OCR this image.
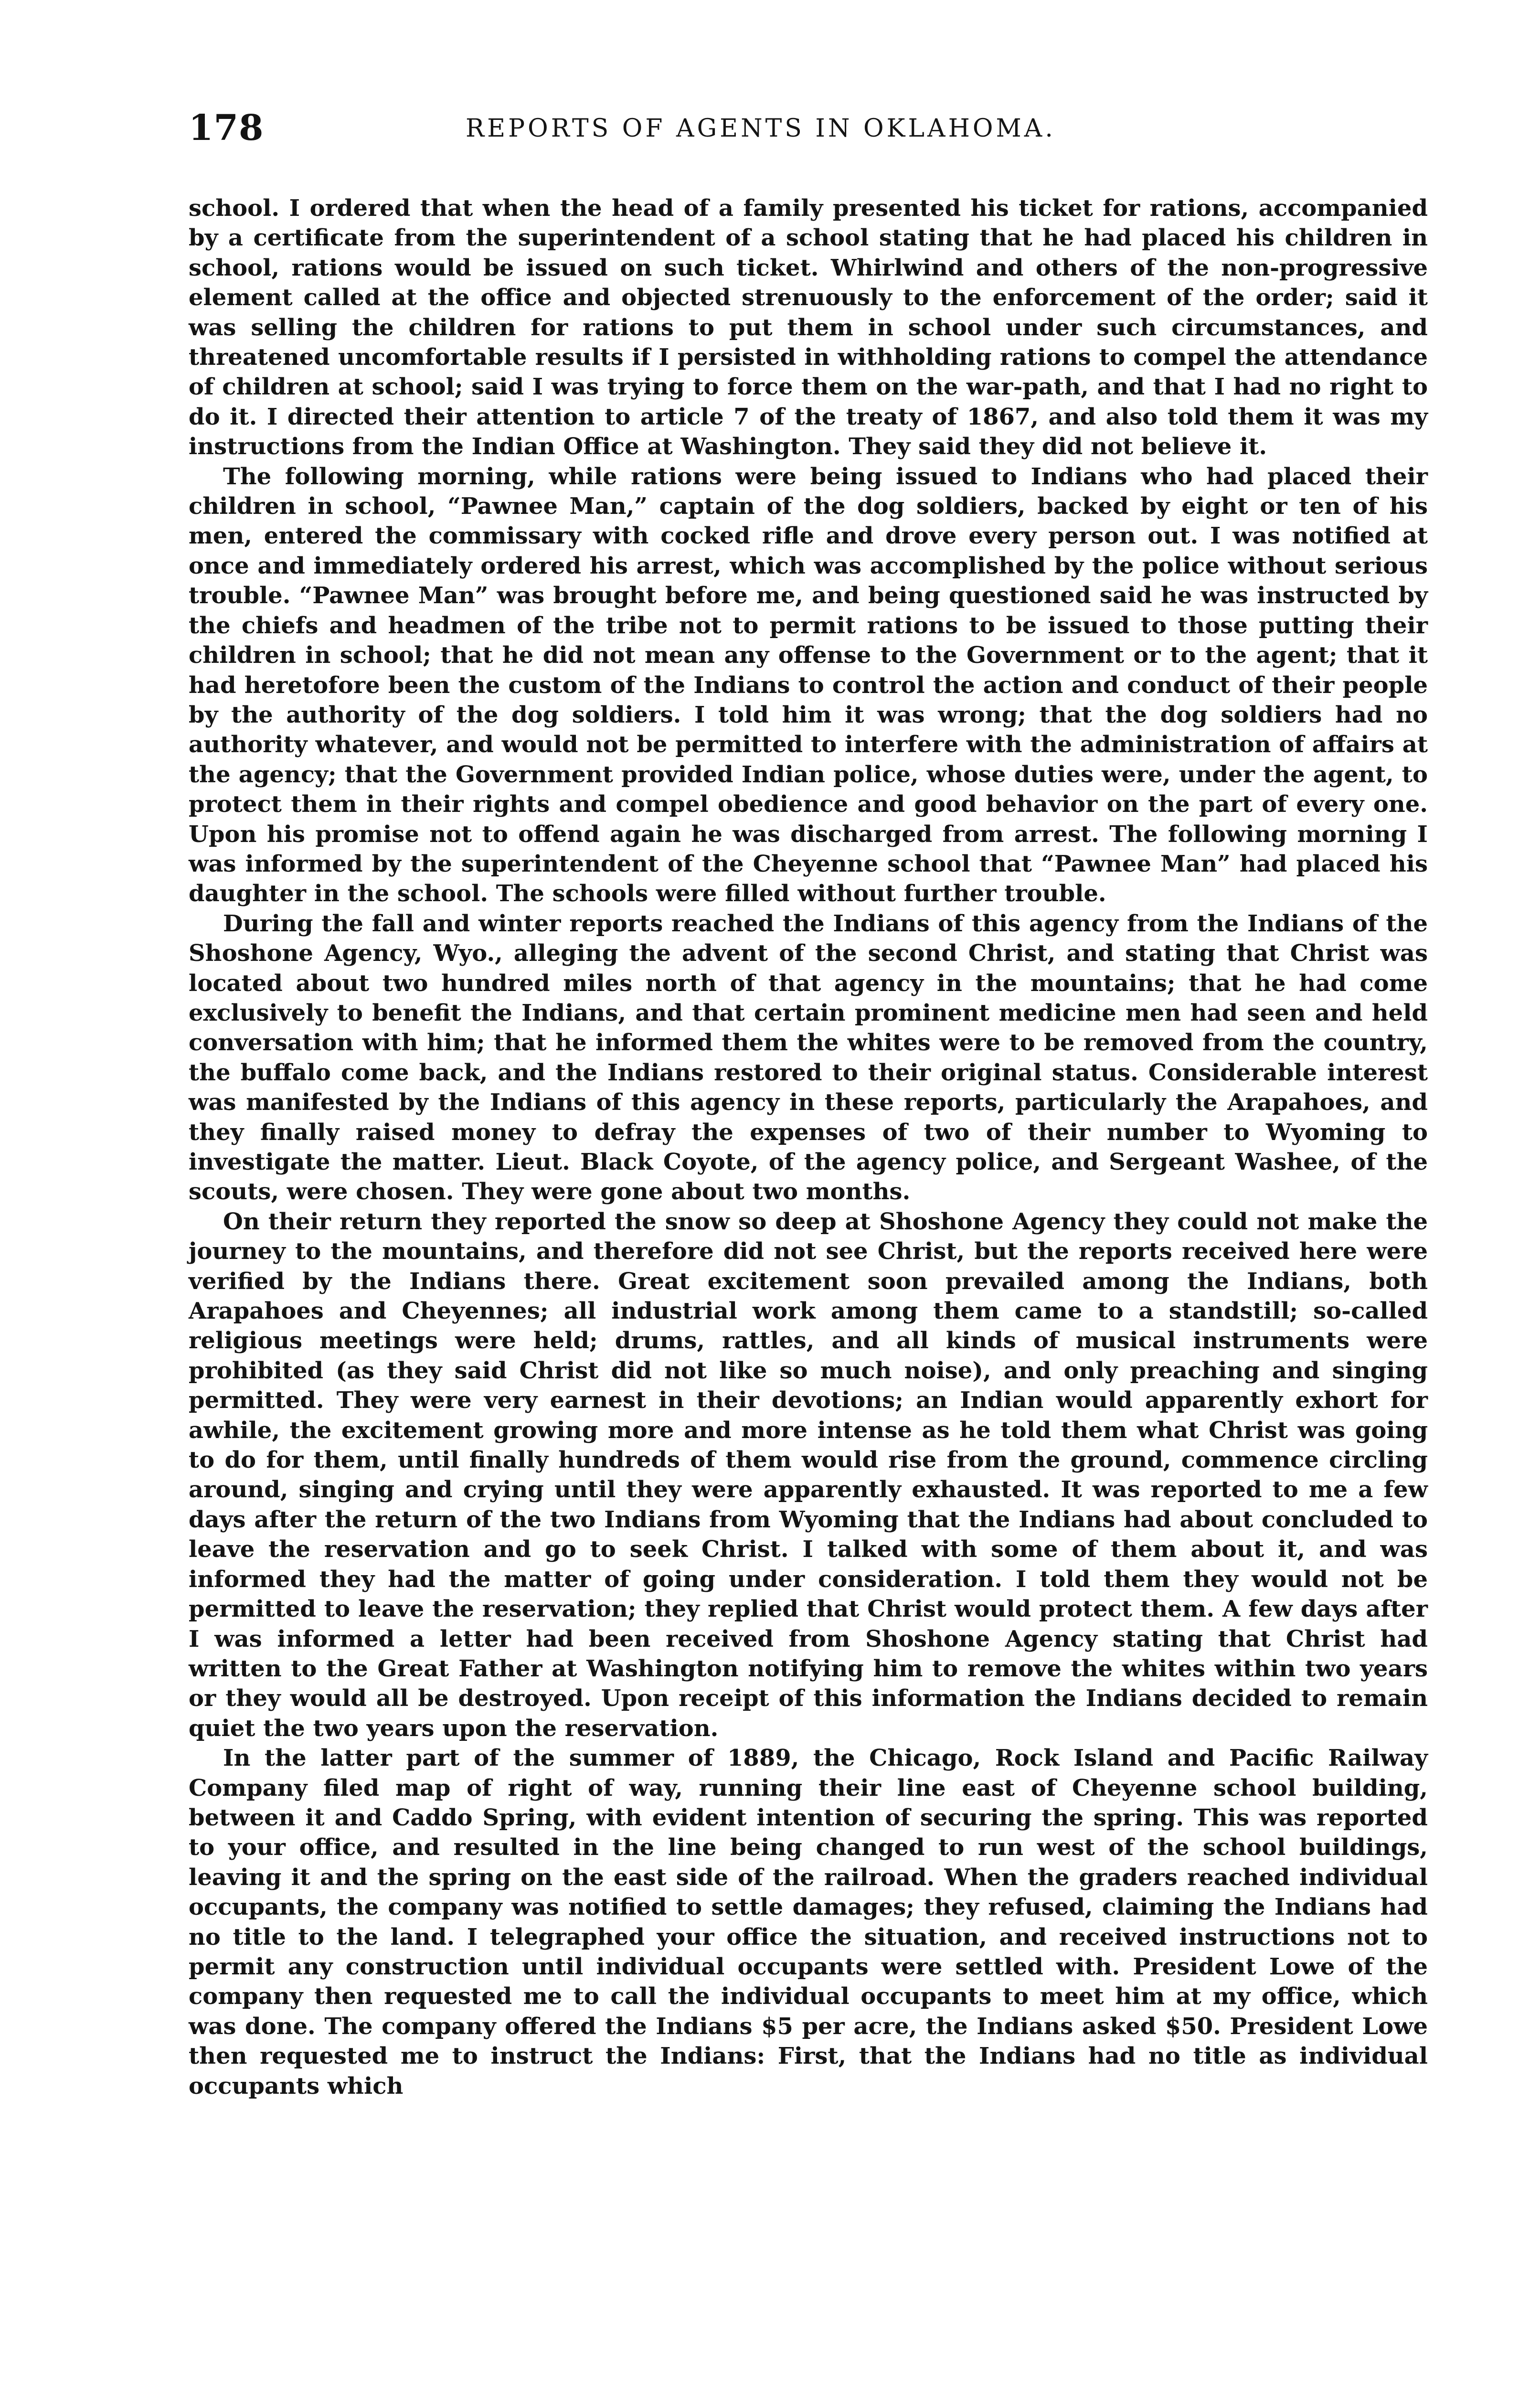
178	REPORTS OF AGENTS IN OKLAHOMA.

school. I ordered that when the head of a family presented his ticket for rations, accompanied by a certificate from the superintendent of a school stating that he had placed his children in school, rations would be issued on such ticket. Whirlwind and others of the non-progressive element called at the office and objected strenuously to the enforcement of the order; said it was selling the children for rations to put them in school under such circumstances, and threatened uncomfortable results if I persisted in withholding rations to compel the attendance of children at school; said I was trying to force them on the war-path, and that I had no right to do it. I directed their attention to article 7 of the treaty of 1867, and also told them it was my instructions from the Indian Office at Washington. They said they did not believe it.

The following morning, while rations were being issued to Indians who had placed their children in school, “Pawnee Man,” captain of the dog soldiers, backed by eight or ten of his men, entered the commissary with cocked rifle and drove every person out. I was notified at once and immediately ordered his arrest, which was accomplished by the police without serious trouble. “Pawnee Man” was brought before me, and being questioned said he was instructed by the chiefs and headmen of the tribe not to permit rations to be issued to those putting their children in school; that he did not mean any offense to the Government or to the agent; that it had heretofore been the custom of the Indians to control the action and conduct of their people by the authority of the dog soldiers. I told him it was wrong; that the dog soldiers had no authority whatever, and would not be permitted to interfere with the administration of affairs at the agency; that the Government provided Indian police, whose duties were, under the agent, to protect them in their rights and compel obedience and good behavior on the part of every one. Upon his promise not to offend again he was discharged from arrest. The following morning I was informed by the superintendent of the Cheyenne school that “Pawnee Man” had placed his daughter in the school. The schools were filled without further trouble.

During the fall and winter reports reached the Indians of this agency from the Indians of the Shoshone Agency, Wyo., alleging the advent of the second Christ, and stating that Christ was located about two hundred miles north of that agency in the mountains; that he had come exclusively to benefit the Indians, and that certain prominent medicine men had seen and held conversation with him; that he informed them the whites were to be removed from the country, the buffalo come back, and the Indians restored to their original status. Considerable interest was manifested by the Indians of this agency in these reports, particularly the Arapahoes, and they finally raised money to defray the expenses of two of their number to Wyoming to investigate the matter. Lieut. Black Coyote, of the agency police, and Sergeant Washee, of the scouts, were chosen. They were gone about two months.

On their return they reported the snow so deep at Shoshone Agency they could not make the journey to the mountains, and therefore did not see Christ, but the reports received here were verified by the Indians there. Great excitement soon prevailed among the Indians, both Arapahoes and Cheyennes; all industrial work among them came to a standstill; so-called religious meetings were held; drums, rattles, and all kinds of musical instruments were prohibited (as they said Christ did not like so much noise), and only preaching and singing permitted. They were very earnest in their devotions; an Indian would apparently exhort for awhile, the excitement growing more and more intense as he told them what Christ was going to do for them, until finally hundreds of them would rise from the ground, commence circling around, singing and crying until they were apparently exhausted. It was reported to me a few days after the return of the two Indians from Wyoming that the Indians had about concluded to leave the reservation and go to seek Christ. I talked with some of them about it, and was informed they had the matter of going under consideration. I told them they would not be permitted to leave the reservation; they replied that Christ would protect them. A few days after I was informed a letter had been received from Shoshone Agency stating that Christ had written to the Great Father at Washington notifying him to remove the whites within two years or they would all be destroyed. Upon receipt of this information the Indians decided to remain quiet the two years upon the reservation.

In the latter part of the summer of 1889, the Chicago, Rock Island and Pacific Railway Company filed map of right of way, running their line east of Cheyenne school building, between it and Caddo Spring, with evident intention of securing the spring. This was reported to your office, and resulted in the line being changed to run west of the school buildings, leaving it and the spring on the east side of the railroad. When the graders reached individual occupants, the company was notified to settle damages; they refused, claiming the Indians had no title to the land. I telegraphed your office the situation, and received instructions not to permit any construction until individual occupants were settled with. President Lowe of the company then requested me to call the individual occupants to meet him at my office, which was done. The company offered the Indians $5 per acre, the Indians asked $50. President Lowe then requested me to instruct the Indians: First, that the Indians had no title as individual occupants which
